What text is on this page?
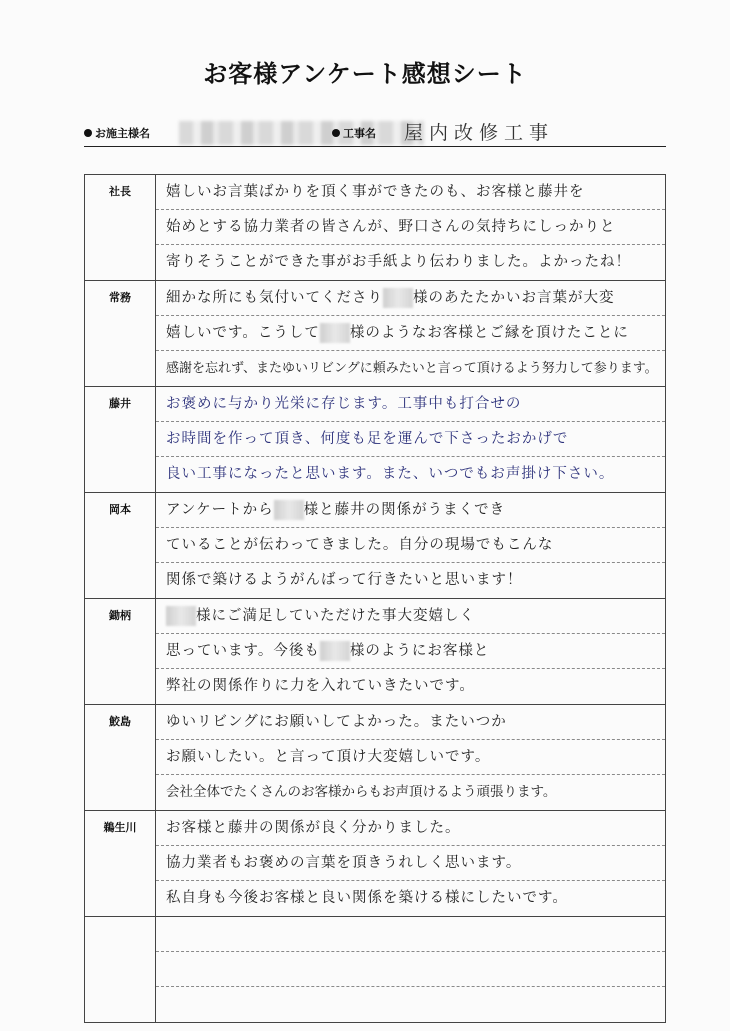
お客様アンケート感想シート
お施主様名	工事名 屋内改修工事
社長	嬉しいお言葉ばかりを頂く事ができたのも、お客様と藤井を
始めとする協力業者の皆さんが、野口さんの気持ちにしっかりと
寄りそうことができた事がお手紙より伝わりました。よかったね！

常務	細かな所にも気付いてくださり 様のあたたかいお言葉が大変
嬉しいです。こうして 様のようなお客様とご縁を頂けたことに
感謝を忘れず、またゆいリビングに頼みたいと言って頂けるよう努力して参ります。

藤井	お褒めに与かり光栄に存じます。工事中も打合せの
お時間を作って頂き、何度も足を運んで下さったおかげで
良い工事になったと思います。また、いつでもお声掛け下さい。

岡本	アンケートから 様と藤井の関係がうまくでき
ていることが伝わってきました。自分の現場でもこんな
関係で築けるようがんばって行きたいと思います！

鋤柄	様にご満足していただけた事大変嬉しく
思っています。今後も 様のようにお客様と
弊社の関係作りに力を入れていきたいです。

鮫島	ゆいリビングにお願いしてよかった。またいつか
お願いしたい。と言って頂け大変嬉しいです。
会社全体でたくさんのお客様からもお声頂けるよう頑張ります。

鵜生川	お客様と藤井の関係が良く分かりました。
協力業者もお褒めの言葉を頂きうれしく思います。
私自身も今後お客様と良い関係を築ける様にしたいです。
